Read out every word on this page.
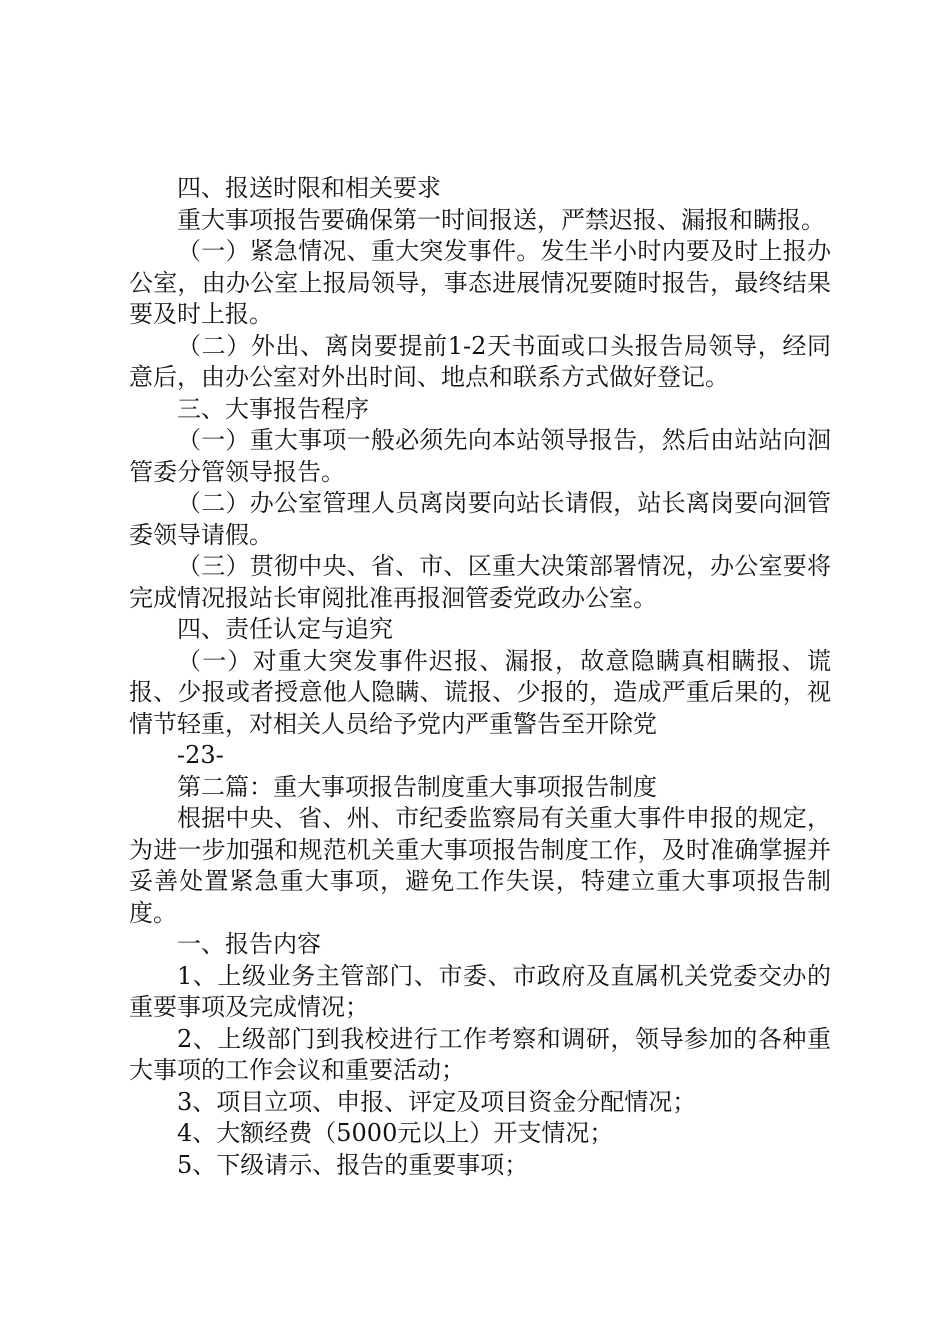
四、报送时限和相关要求

重大事项报告要确保第一时间报送，严禁迟报、漏报和瞒报。

（一）紧急情况、重大突发事件。发生半小时内要及时上报办公室，由办公室上报局领导，事态进展情况要随时报告，最终结果要及时上报。

（二）外出、离岗要提前1-2天书面或口头报告局领导，经同意后，由办公室对外出时间、地点和联系方式做好登记。

三、大事报告程序

（一）重大事项一般必须先向本站领导报告，然后由站站向洄管委分管领导报告。

（二）办公室管理人员离岗要向站长请假，站长离岗要向洄管委领导请假。

（三）贯彻中央、省、市、区重大决策部署情况，办公室要将完成情况报站长审阅批准再报洄管委党政办公室。

四、责任认定与追究

（一）对重大突发事件迟报、漏报，故意隐瞒真相瞒报、谎报、少报或者授意他人隐瞒、谎报、少报的，造成严重后果的，视情节轻重，对相关人员给予党内严重警告至开除党

-23-

第二篇：重大事项报告制度重大事项报告制度

根据中央、省、州、市纪委监察局有关重大事件申报的规定，为进一步加强和规范机关重大事项报告制度工作，及时准确掌握并妥善处置紧急重大事项，避免工作失误，特建立重大事项报告制度。

一、报告内容

1、上级业务主管部门、市委、市政府及直属机关党委交办的重要事项及完成情况；

2、上级部门到我校进行工作考察和调研，领导参加的各种重大事项的工作会议和重要活动；

3、项目立项、申报、评定及项目资金分配情况；

4、大额经费（5000元以上）开支情况；

5、下级请示、报告的重要事项；
